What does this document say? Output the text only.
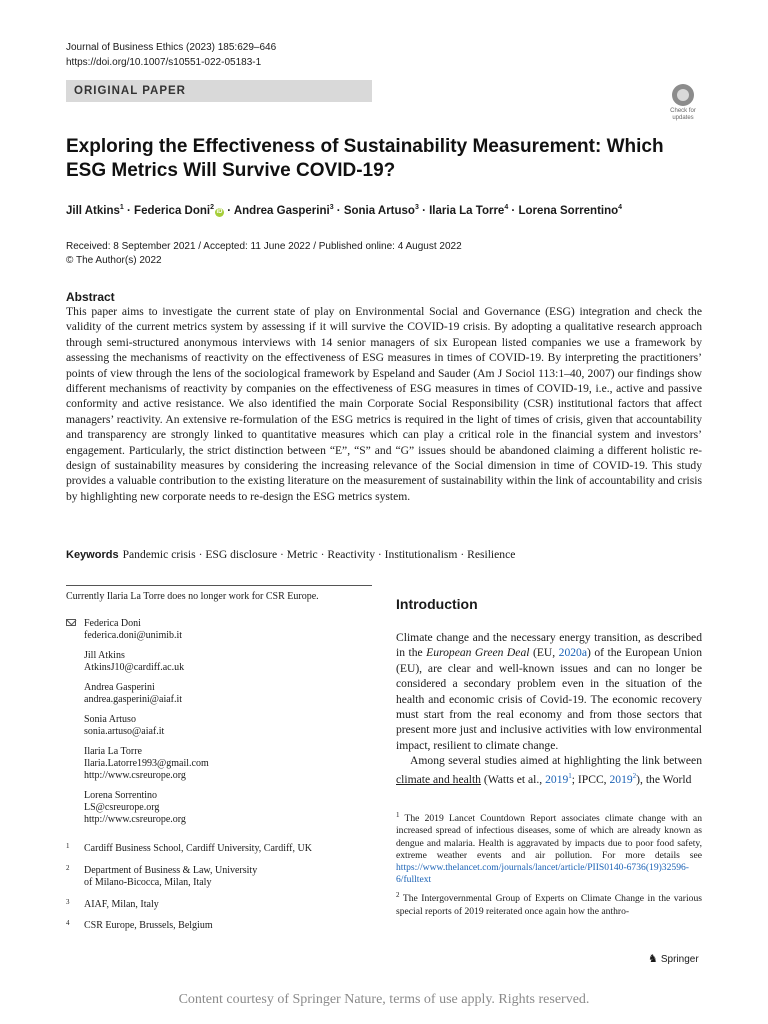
Journal of Business Ethics (2023) 185:629–646
https://doi.org/10.1007/s10551-022-05183-1
ORIGINAL PAPER
Check for
updates
Exploring the Effectiveness of Sustainability Measurement: Which ESG Metrics Will Survive COVID-19?
Jill Atkins$^1$ · Federica Doni$^2$iD · Andrea Gasperini$^3$ · Sonia Artuso$^3$ · Ilaria La Torre$^4$ · Lorena Sorrentino$^4$
Received: 8 September 2021 / Accepted: 11 June 2022 / Published online: 4 August 2022
© The Author(s) 2022
Abstract
This paper aims to investigate the current state of play on Environmental Social and Governance (ESG) integration and check the validity of the current metrics system by assessing if it will survive the COVID-19 crisis. By adopting a qualitative research approach through semi-structured anonymous interviews with 14 senior managers of six European listed companies we use a framework by assessing the mechanisms of reactivity on the effectiveness of ESG measures in times of COVID-19. By interpreting the practitioners’ points of view through the lens of the sociological framework by Espeland and Sauder (Am J Sociol 113:1–40, 2007) our findings show different mechanisms of reactivity by companies on the effectiveness of ESG measures in times of COVID-19, i.e., active and passive conformity and active resistance. We also identified the main Corporate Social Responsibility (CSR) institutional factors that affect managers’ reactivity. An extensive re-formulation of the ESG metrics is required in the light of times of crisis, given that accountability and transparency are strongly linked to quantitative measures which can play a critical role in the financial system and investors’ engagement. Particularly, the strict distinction between “E”, “S” and “G” issues should be abandoned claiming a different holistic re-design of sustainability measures by considering the increasing relevance of the Social dimension in time of COVID-19. This study provides a valuable contribution to the existing literature on the measurement of sustainability within the link of accountability and crisis by highlighting new corporate needs to re-design the ESG metrics system.
Keywords Pandemic crisis · ESG disclosure · Metric · Reactivity · Institutionalism · Resilience
Currently Ilaria La Torre does no longer work for CSR Europe.
Federica Doni
federica.doni@unimib.it
Jill Atkins
AtkinsJ10@cardiff.ac.uk
Andrea Gasperini
andrea.gasperini@aiaf.it
Sonia Artuso
sonia.artuso@aiaf.it
Ilaria La Torre
Ilaria.Latorre1993@gmail.com
http://www.csreurope.org
Lorena Sorrentino
LS@csreurope.org
http://www.csreurope.org
1 Cardiff Business School, Cardiff University, Cardiff, UK
2 Department of Business & Law, University
of Milano-Bicocca, Milan, Italy
3 AIAF, Milan, Italy
4 CSR Europe, Brussels, Belgium
Introduction

Climate change and the necessary energy transition, as described in the European Green Deal (EU, 2020a) of the European Union (EU), are clear and well-known issues and can no longer be considered a secondary problem even in the situation of the health and economic crisis of Covid-19. The economic recovery must start from the real economy and from those sectors that present more just and inclusive activities with low environmental impact, resilient to climate change.

Among several studies aimed at highlighting the link between climate and health (Watts et al., 2019$^1$; IPCC, 2019$^2$), the World

$^1$ The 2019 Lancet Countdown Report associates climate change with an increased spread of infectious diseases, some of which are already known as dengue and malaria. Health is aggravated by impacts due to poor food safety, extreme weather events and air pollution. For more details see https://www.thelancet.com/journals/lancet/article/PIIS0140-6736(19)32596-6/fulltext
$^2$ The Intergovernmental Group of Experts on Climate Change in the various special reports of 2019 reiterated once again how the anthro-
♞ Springer
Content courtesy of Springer Nature, terms of use apply. Rights reserved.
